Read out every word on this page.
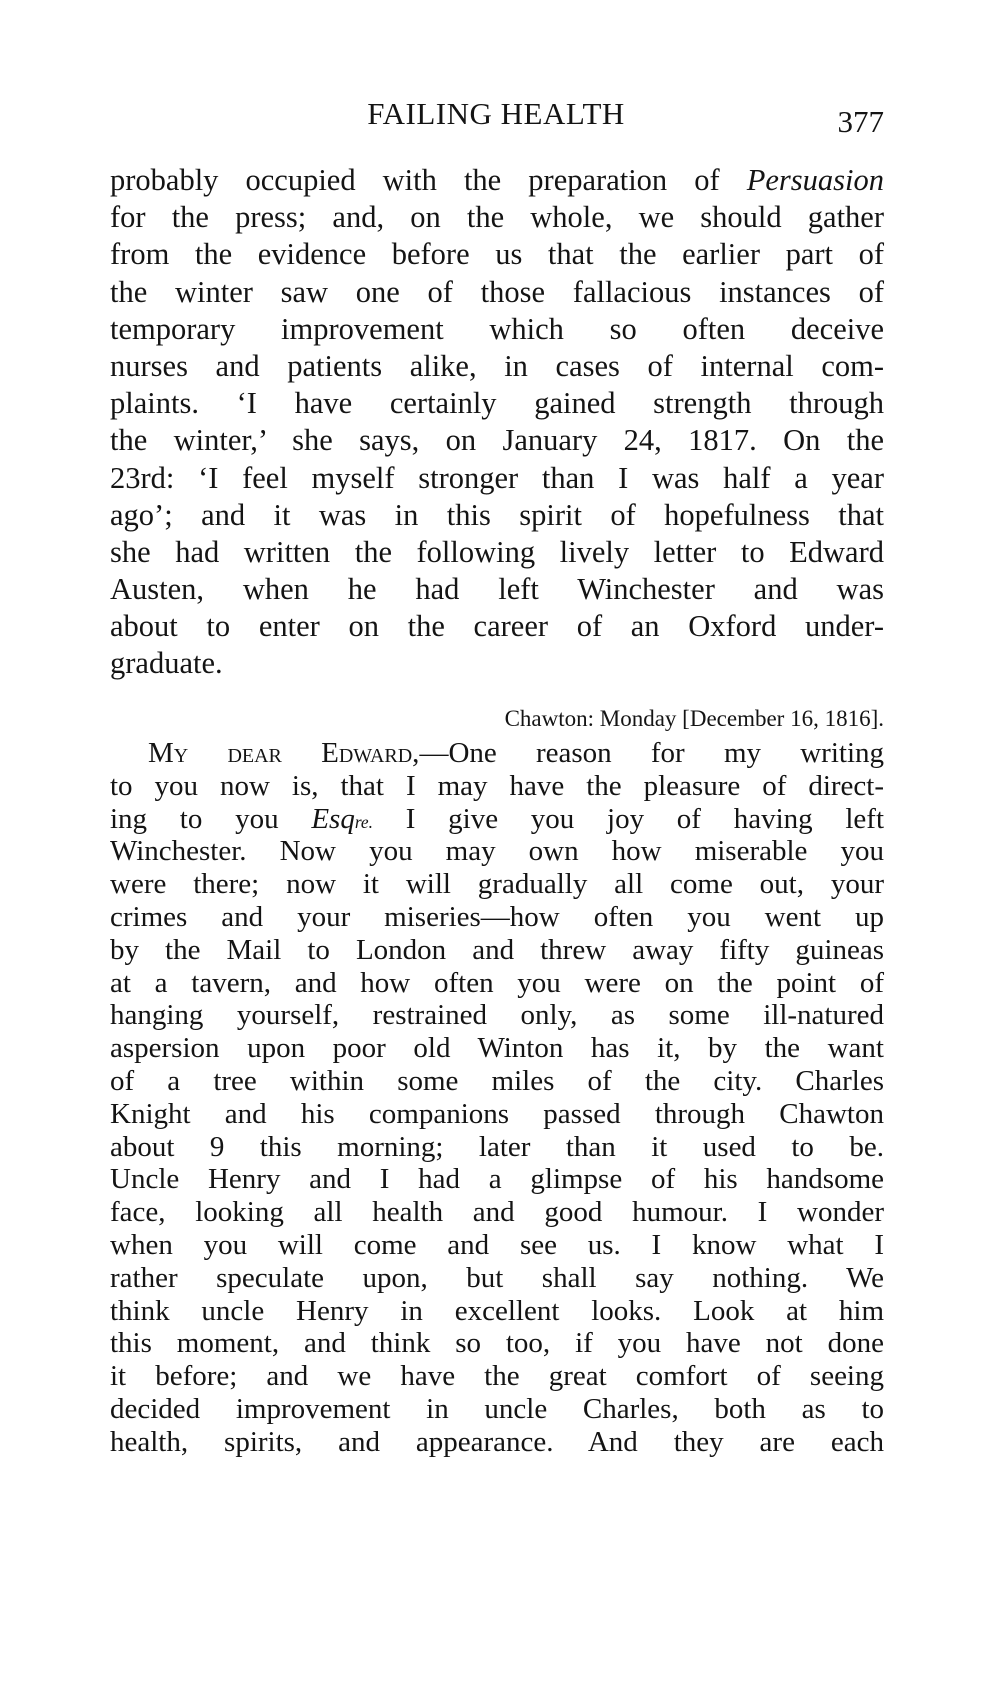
FAILING HEALTH	377
probably occupied with the preparation of Persuasion
for the press; and, on the whole, we should gather
from the evidence before us that the earlier part of
the winter saw one of those fallacious instances of
temporary improvement which so often deceive
nurses and patients alike, in cases of internal com-
plaints. ‘I have certainly gained strength through
the winter,’ she says, on January 24, 1817. On the
23rd: ‘I feel myself stronger than I was half a year
ago’; and it was in this spirit of hopefulness that
she had written the following lively letter to Edward
Austen, when he had left Winchester and was
about to enter on the career of an Oxford under-
graduate.
Chawton: Monday [December 16, 1816].
My dear Edward,—One reason for my writing
to you now is, that I may have the pleasure of direct-
ing to you Esq$^{re.}$ I give you joy of having left
Winchester. Now you may own how miserable you
were there; now it will gradually all come out, your
crimes and your miseries—how often you went up
by the Mail to London and threw away fifty guineas
at a tavern, and how often you were on the point of
hanging yourself, restrained only, as some ill-natured
aspersion upon poor old Winton has it, by the want
of a tree within some miles of the city. Charles
Knight and his companions passed through Chawton
about 9 this morning; later than it used to be.
Uncle Henry and I had a glimpse of his handsome
face, looking all health and good humour. I wonder
when you will come and see us. I know what I
rather speculate upon, but shall say nothing. We
think uncle Henry in excellent looks. Look at him
this moment, and think so too, if you have not done
it before; and we have the great comfort of seeing
decided improvement in uncle Charles, both as to
health, spirits, and appearance. And they are each
